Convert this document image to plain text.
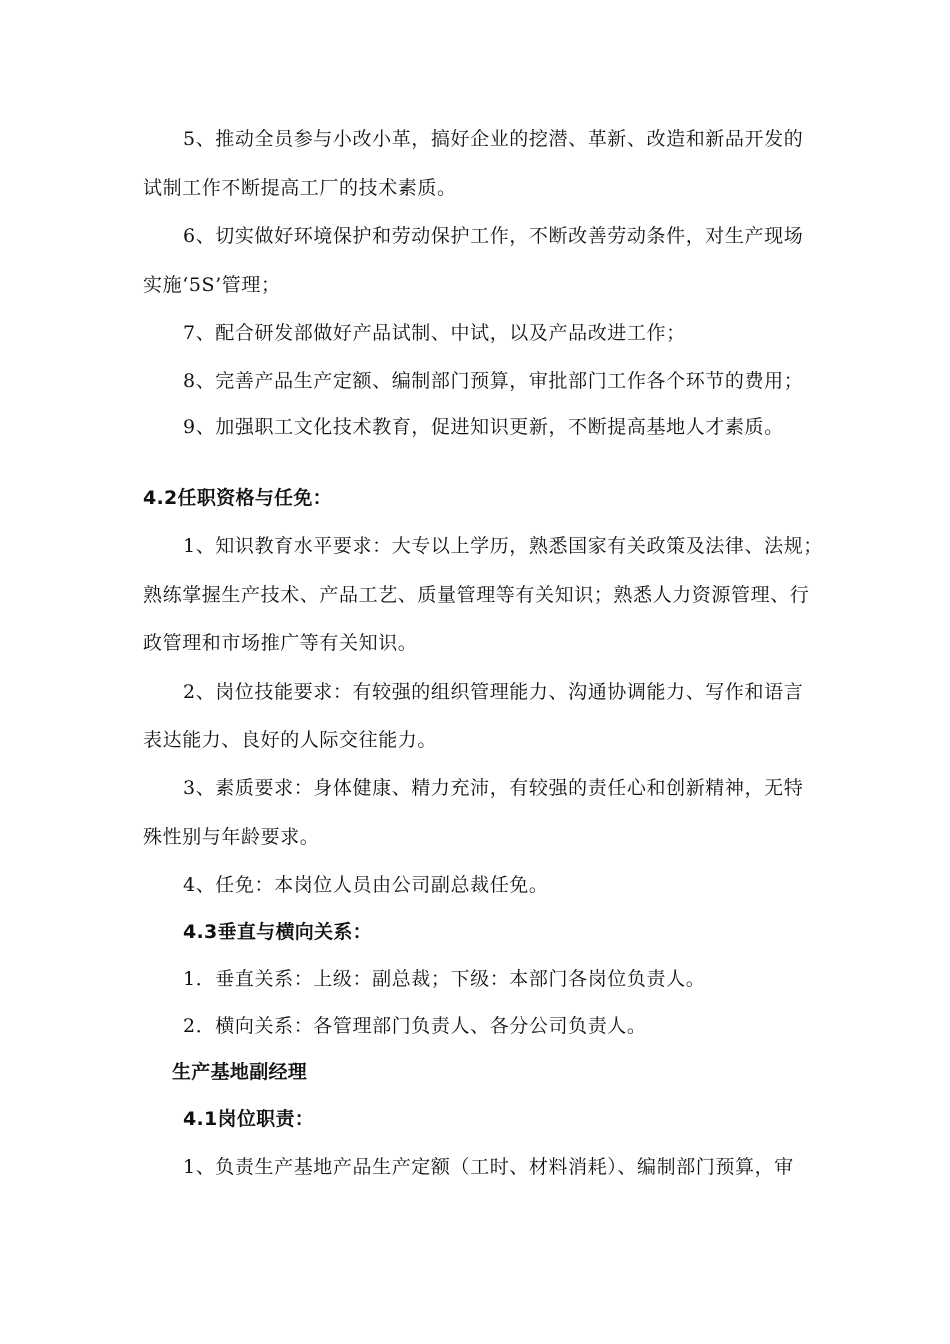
5、推动全员参与小改小革，搞好企业的挖潜、革新、改造和新品开发的
试制工作不断提高工厂的技术素质。
6、切实做好环境保护和劳动保护工作，不断改善劳动条件，对生产现场
实施‘5S’管理；
7、配合研发部做好产品试制、中试，以及产品改进工作；
8、完善产品生产定额、编制部门预算，审批部门工作各个环节的费用；
9、加强职工文化技术教育，促进知识更新，不断提高基地人才素质。
4.2任职资格与任免：
1、知识教育水平要求：大专以上学历，熟悉国家有关政策及法律、法规；
熟练掌握生产技术、产品工艺、质量管理等有关知识；熟悉人力资源管理、行
政管理和市场推广等有关知识。
2、岗位技能要求：有较强的组织管理能力、沟通协调能力、写作和语言
表达能力、良好的人际交往能力。
3、素质要求：身体健康、精力充沛，有较强的责任心和创新精神，无特
殊性别与年龄要求。
4、任免：本岗位人员由公司副总裁任免。
4.3垂直与横向关系：
1．垂直关系：上级：副总裁；下级：本部门各岗位负责人。
2．横向关系：各管理部门负责人、各分公司负责人。
生产基地副经理
4.1岗位职责：
1、负责生产基地产品生产定额（工时、材料消耗）、编制部门预算，审
